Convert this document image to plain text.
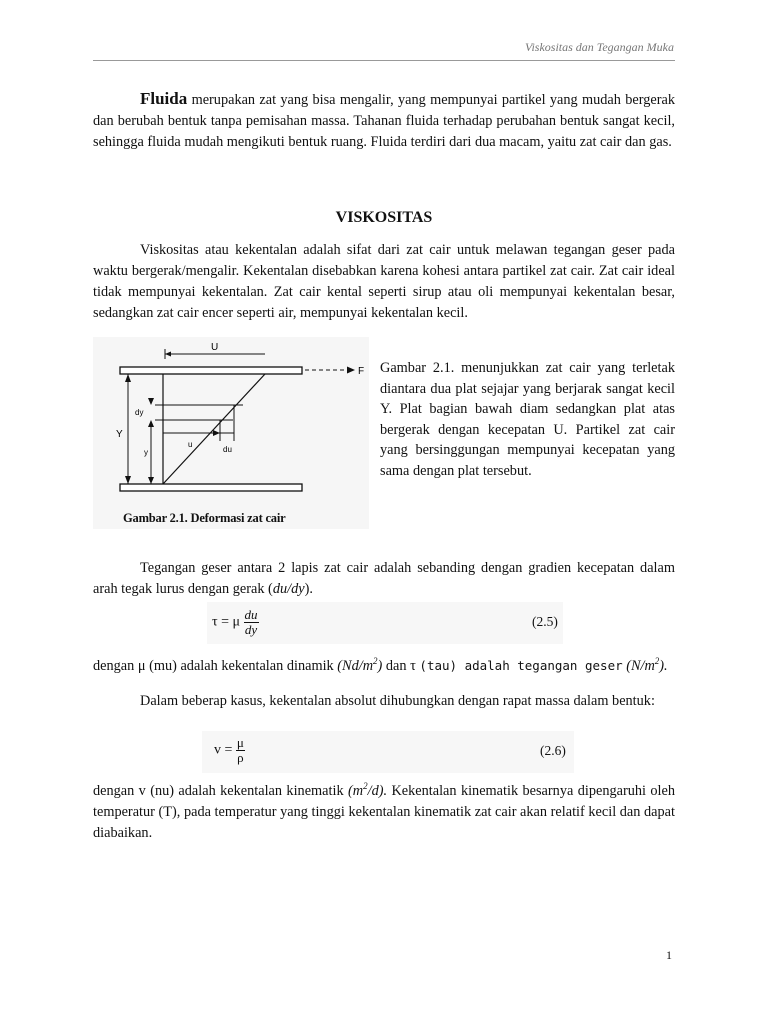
Viskositas dan Tegangan Muka

Fluida merupakan zat yang bisa mengalir, yang mempunyai partikel yang mudah bergerak dan berubah bentuk tanpa pemisahan massa. Tahanan fluida terhadap perubahan bentuk sangat kecil, sehingga fluida mudah mengikuti bentuk ruang. Fluida terdiri dari dua macam, yaitu zat cair dan gas.

VISKOSITAS

Viskositas atau kekentalan adalah sifat dari zat cair untuk melawan tegangan geser pada waktu bergerak/mengalir. Kekentalan disebabkan karena kohesi antara partikel zat cair. Zat cair ideal tidak mempunyai kekentalan. Zat cair kental seperti sirup atau oli mempunyai kekentalan besar, sedangkan zat cair encer seperti air, mempunyai kekentalan kecil.

U
F
dy
Y
y
u
du
Gambar 2.1. Deformasi zat cair

Gambar 2.1. menunjukkan zat cair yang terletak diantara dua plat sejajar yang berjarak sangat kecil Y. Plat bagian bawah diam sedangkan plat atas bergerak dengan kecepatan U. Partikel zat cair yang bersinggungan mempunyai kecepatan yang sama dengan plat tersebut.

Tegangan geser antara 2 lapis zat cair adalah sebanding dengan gradien kecepatan dalam arah tegak lurus dengan gerak (du/dy).

τ = μ $\frac{du}{dy}$	(2.5)

dengan μ (mu) adalah kekentalan dinamik $(Nd/m^2)$ dan τ (tau) adalah tegangan geser $(N/m^2)$.

Dalam beberap kasus, kekentalan absolut dihubungkan dengan rapat massa dalam bentuk:

$v = \frac{\mu}{\rho}$	(2.6)

dengan v (nu) adalah kekentalan kinematik $(m^2/d)$. Kekentalan kinematik besarnya dipengaruhi oleh temperatur (T), pada temperatur yang tinggi kekentalan kinematik zat cair akan relatif kecil dan dapat diabaikan.

1
